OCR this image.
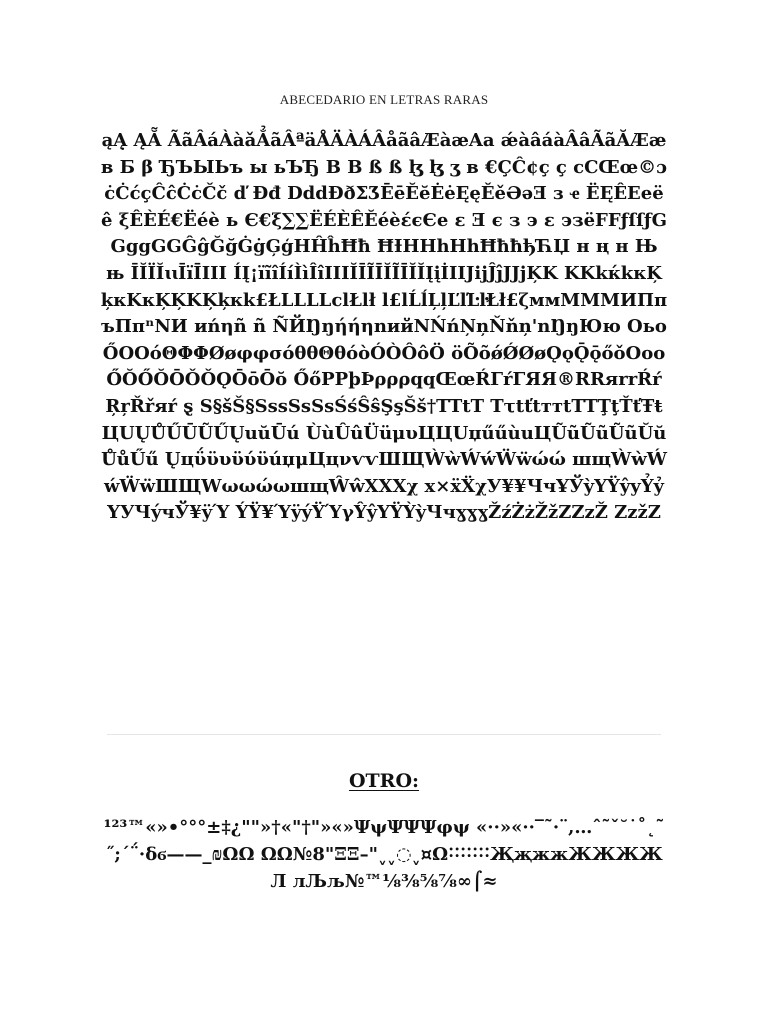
ABECEDARIO EN LETRAS RARAS
ąĄ̣ ĄẴ ÃãÂáÀàǎẲãÂªäÅÄÀÁÂåãâÆàæAa ǽàâáàÂâÃãĂÆæ ʙ Б β ЂЪЫЬъ ы ьЪЂ B B ß ß ɮ ɮ ʒ в €ÇĈ¢ç ç cCŒœ©ɔċĊćçĈĉĊċČč ď Đđ DddĐðΣƷĒēĔĕĖėĘęĚěƏəƎ ɜ ҽ ËĘÊEeëê ξÊÈÉ€Ëéè ь Є€ξ∑∑ËÉÈÊĔéèέєЄе ɛ Ǝ є з э ɛ эзëFFƒſſƒGGggGGĜĝĞğĠġĢģHĤĥĦħ ĦƗHHhHhĦħħђЋЏ н ң н Њ њ ĪĬÏĬɩɩĪïĪIII ÍĮ¡ïĩîÍíÌìÎîIIIĬĪĨĪĬĨĪĬĬĮįİIIJĳĴĵJJjĶK KKkќkкĶķкKкĶĶKĶķкk£ŁLLLLclŁlł l£lĹĺĻļĽľĿŀŁł£ζммMMMИПпъПπⁿNИ иńηñ ñ ÑЙŊŋήήηnийNŃńŅņŇňņ'nŊŋЮю Оьо ŐOOóΘΦΦØøφφσóθθΘθóòÓÒÔôÖ öÕõǿǾØøǪǫǬǭőǒOooŐŎŐŎŌǑǑǪŌōŌŏ ŐőPPþÞρρρqqŒœŔΓŕΓЯЯ®RRяrrŔŕ ŖŗŘřяŕ ȿ S§šŠ§SssSsSsŚśŜŝŞşŠš†TTtT TτtťtттtTTŢţŤťŦŧЦUŲŮŰŪŨŰŲuŭŪú ÙùÛûÜüμυЦЦUџűűùuЦŨũŨũŨũŬŭŮůŰű ŲцΰϋυϋύϋúџμЦцνѵѵШЩẀẁẂẃẄẅώώ шщẀẁẂẃẄẅШЩWωωώωшщŴŵXXXχ х×ẍẌχУ¥¥ЧчҰЎỳYŸŷyỶỷYУЧýчЎ¥ÿΎ ÝŸ¥ΎÿýŸΎγŶŷYŸỲỳЧчɣɣɣŽźŻżŽžZZzŽ ZzžZ
OTRO:
¹²³™«»•°°°±‡¿""»†«"†"»«»ΨψΨΨΨφψ «··»«··‾˜·¨,…ˆ˜ˇ˘˙˚˛˜˝;΄΅·δϭ——_₪ΩΩ ΩΩ№8"ΞΞ–"ˬˬ◌ˬ¤Ω˸˸˸˸˸˸˸ҖҗжжЖЖЖЖЛ лЉљ№™⅛⅜⅝⅞∞⌠≈
